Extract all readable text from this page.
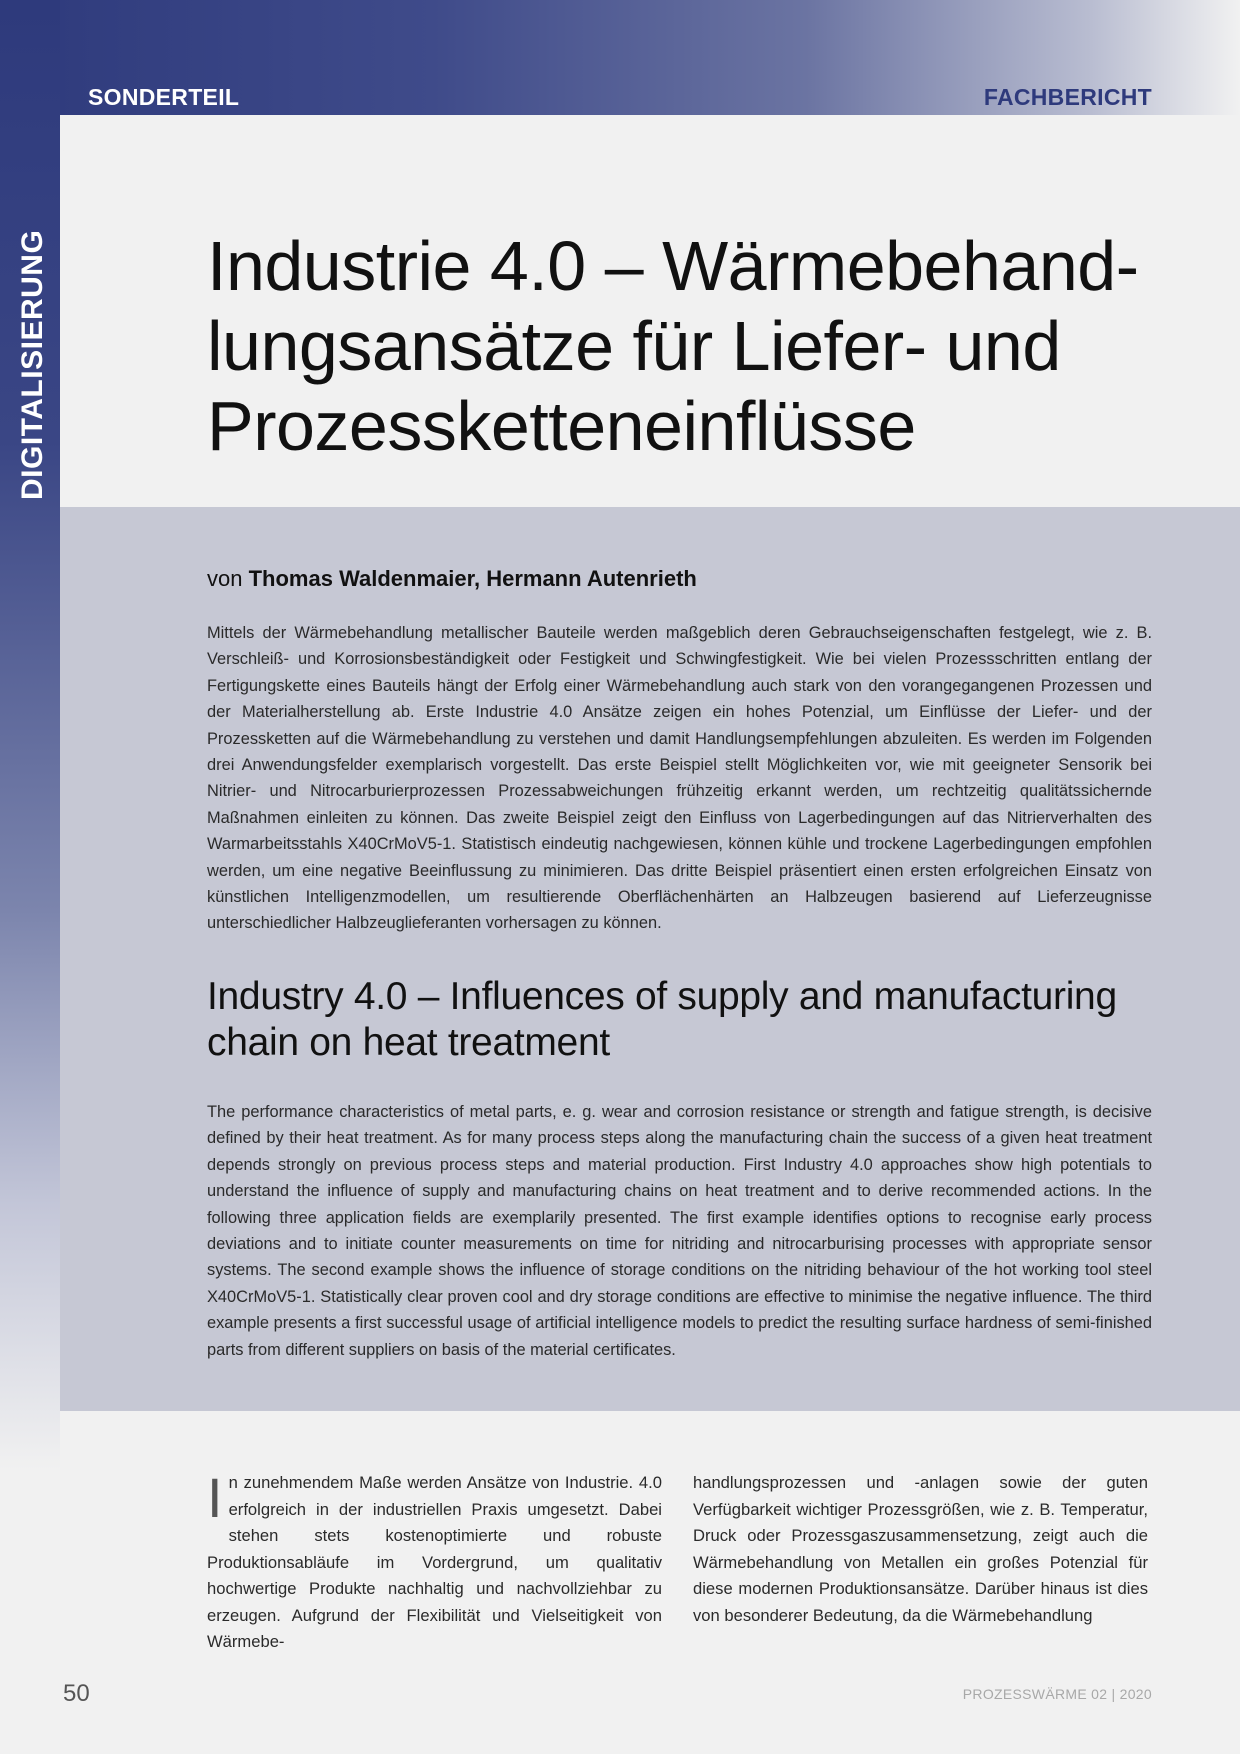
SONDERTEIL	FACHBERICHT
DIGITALISIERUNG Industrie 4.0 – Wärmebehand-
lungsansätze für Liefer- und
Prozessketteneinflüsse
von Thomas Waldenmaier, Hermann Autenrieth

Mittels der Wärmebehandlung metallischer Bauteile werden maßgeblich deren Gebrauchseigenschaften festgelegt, wie z. B. Verschleiß- und Korrosionsbeständigkeit oder Festigkeit und Schwingfestigkeit. Wie bei vielen Prozessschritten entlang der Fertigungskette eines Bauteils hängt der Erfolg einer Wärmebehandlung auch stark von den vorangegangenen Prozessen und der Materialherstellung ab. Erste Industrie 4.0 Ansätze zeigen ein hohes Potenzial, um Einflüsse der Liefer- und der Prozessketten auf die Wärmebehandlung zu verstehen und damit Handlungsempfehlungen abzuleiten. Es werden im Folgenden drei Anwendungsfelder exemplarisch vorgestellt. Das erste Beispiel stellt Möglichkeiten vor, wie mit geeigneter Sensorik bei Nitrier- und Nitrocarburierprozessen Prozessabweichungen frühzeitig erkannt werden, um rechtzeitig qualitätssichernde Maßnahmen einleiten zu können. Das zweite Beispiel zeigt den Einfluss von Lagerbedingungen auf das Nitrierverhalten des Warmarbeitsstahls X40CrMoV5-1. Statistisch eindeutig nachgewiesen, können kühle und trockene Lagerbedingungen empfohlen werden, um eine negative Beeinflussung zu minimieren. Das dritte Beispiel präsentiert einen ersten erfolgreichen Einsatz von künstlichen Intelligenzmodellen, um resultierende Oberflächenhärten an Halbzeugen basierend auf Lieferzeugnisse unterschiedlicher Halbzeuglieferanten vorhersagen zu können.

Industry 4.0 – Influences of supply and manufacturing
chain on heat treatment

The performance characteristics of metal parts, e. g. wear and corrosion resistance or strength and fatigue strength, is decisive defined by their heat treatment. As for many process steps along the manufacturing chain the success of a given heat treatment depends strongly on previous process steps and material production. First Industry 4.0 approaches show high potentials to understand the influence of supply and manufacturing chains on heat treatment and to derive recommended actions. In the following three application fields are exemplarily presented. The first example identifies options to recognise early process deviations and to initiate counter measurements on time for nitriding and nitrocarburising processes with appropriate sensor systems. The second example shows the influence of storage conditions on the nitriding behaviour of the hot working tool steel X40CrMoV5-1. Statistically clear proven cool and dry storage conditions are effective to minimise the negative influence. The third example presents a first successful usage of artificial intelligence models to predict the resulting surface hardness of semi-finished parts from different suppliers on basis of the material certificates.

In zunehmendem Maße werden Ansätze von Industrie. 4.0 erfolgreich in der industriellen Praxis umgesetzt. Dabei stehen stets kostenoptimierte und robuste Produktionsabläufe im Vordergrund, um qualitativ hochwertige Produkte nachhaltig und nachvollziehbar zu erzeugen. Aufgrund der Flexibilität und Vielseitigkeit von Wärmebe-
handlungsprozessen und -anlagen sowie der guten Verfügbarkeit wichtiger Prozessgrößen, wie z. B. Temperatur, Druck oder Prozessgaszusammensetzung, zeigt auch die Wärmebehandlung von Metallen ein großes Potenzial für diese modernen Produktionsansätze. Darüber hinaus ist dies von besonderer Bedeutung, da die Wärmebehandlung
50	PROZESSWÄRME 02 | 2020
